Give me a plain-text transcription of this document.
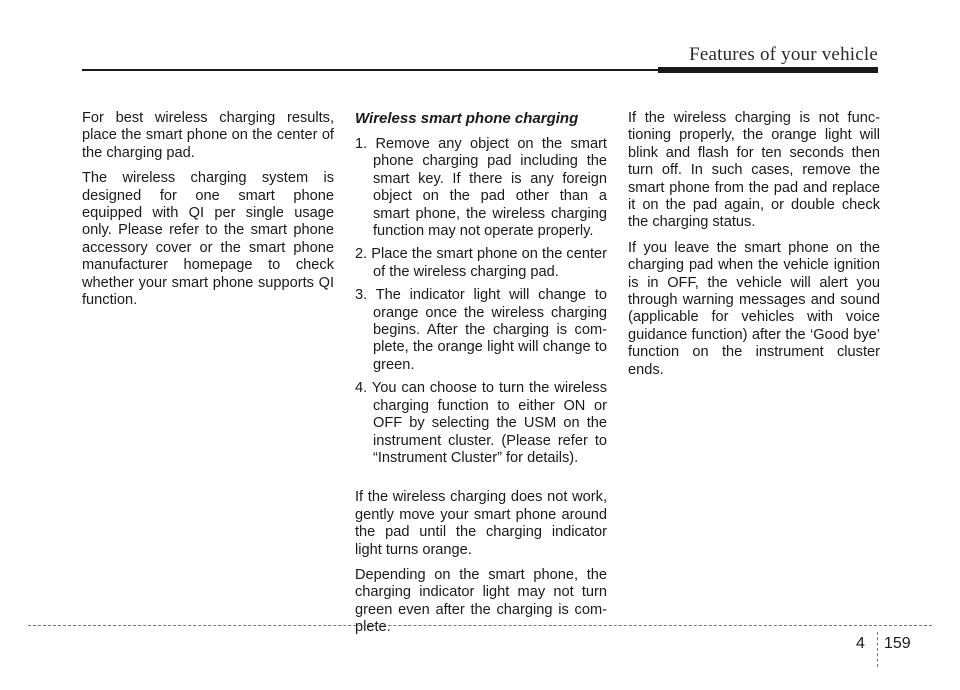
Features of your vehicle

For best wireless charging results, place the smart phone on the center of the charging pad.

The wireless charging system is designed for one smart phone equipped with QI per single usage only. Please refer to the smart phone accessory cover or the smart phone manufacturer homepage to check whether your smart phone supports QI function.

Wireless smart phone charging
1. Remove any object on the smart phone charging pad including the smart key. If there is any foreign object on the pad other than a smart phone, the wireless charging function may not operate properly.
2. Place the smart phone on the center of the wireless charging pad.
3. The indicator light will change to orange once the wireless charging begins. After the charging is complete, the orange light will change to green.
4. You can choose to turn the wireless charging function to either ON or OFF by selecting the USM on the instrument cluster. (Please refer to “Instrument Cluster” for details).

If the wireless charging does not work, gently move your smart phone around the pad until the charging indicator light turns orange.

Depending on the smart phone, the charging indicator light may not turn green even after the charging is complete.

If the wireless charging is not functioning properly, the orange light will blink and flash for ten seconds then turn off. In such cases, remove the smart phone from the pad and replace it on the pad again, or double check the charging status.

If you leave the smart phone on the charging pad when the vehicle ignition is in OFF, the vehicle will alert you through warning messages and sound (applicable for vehicles with voice guidance function) after the ‘Good bye’ function on the instrument cluster ends.

4 159
